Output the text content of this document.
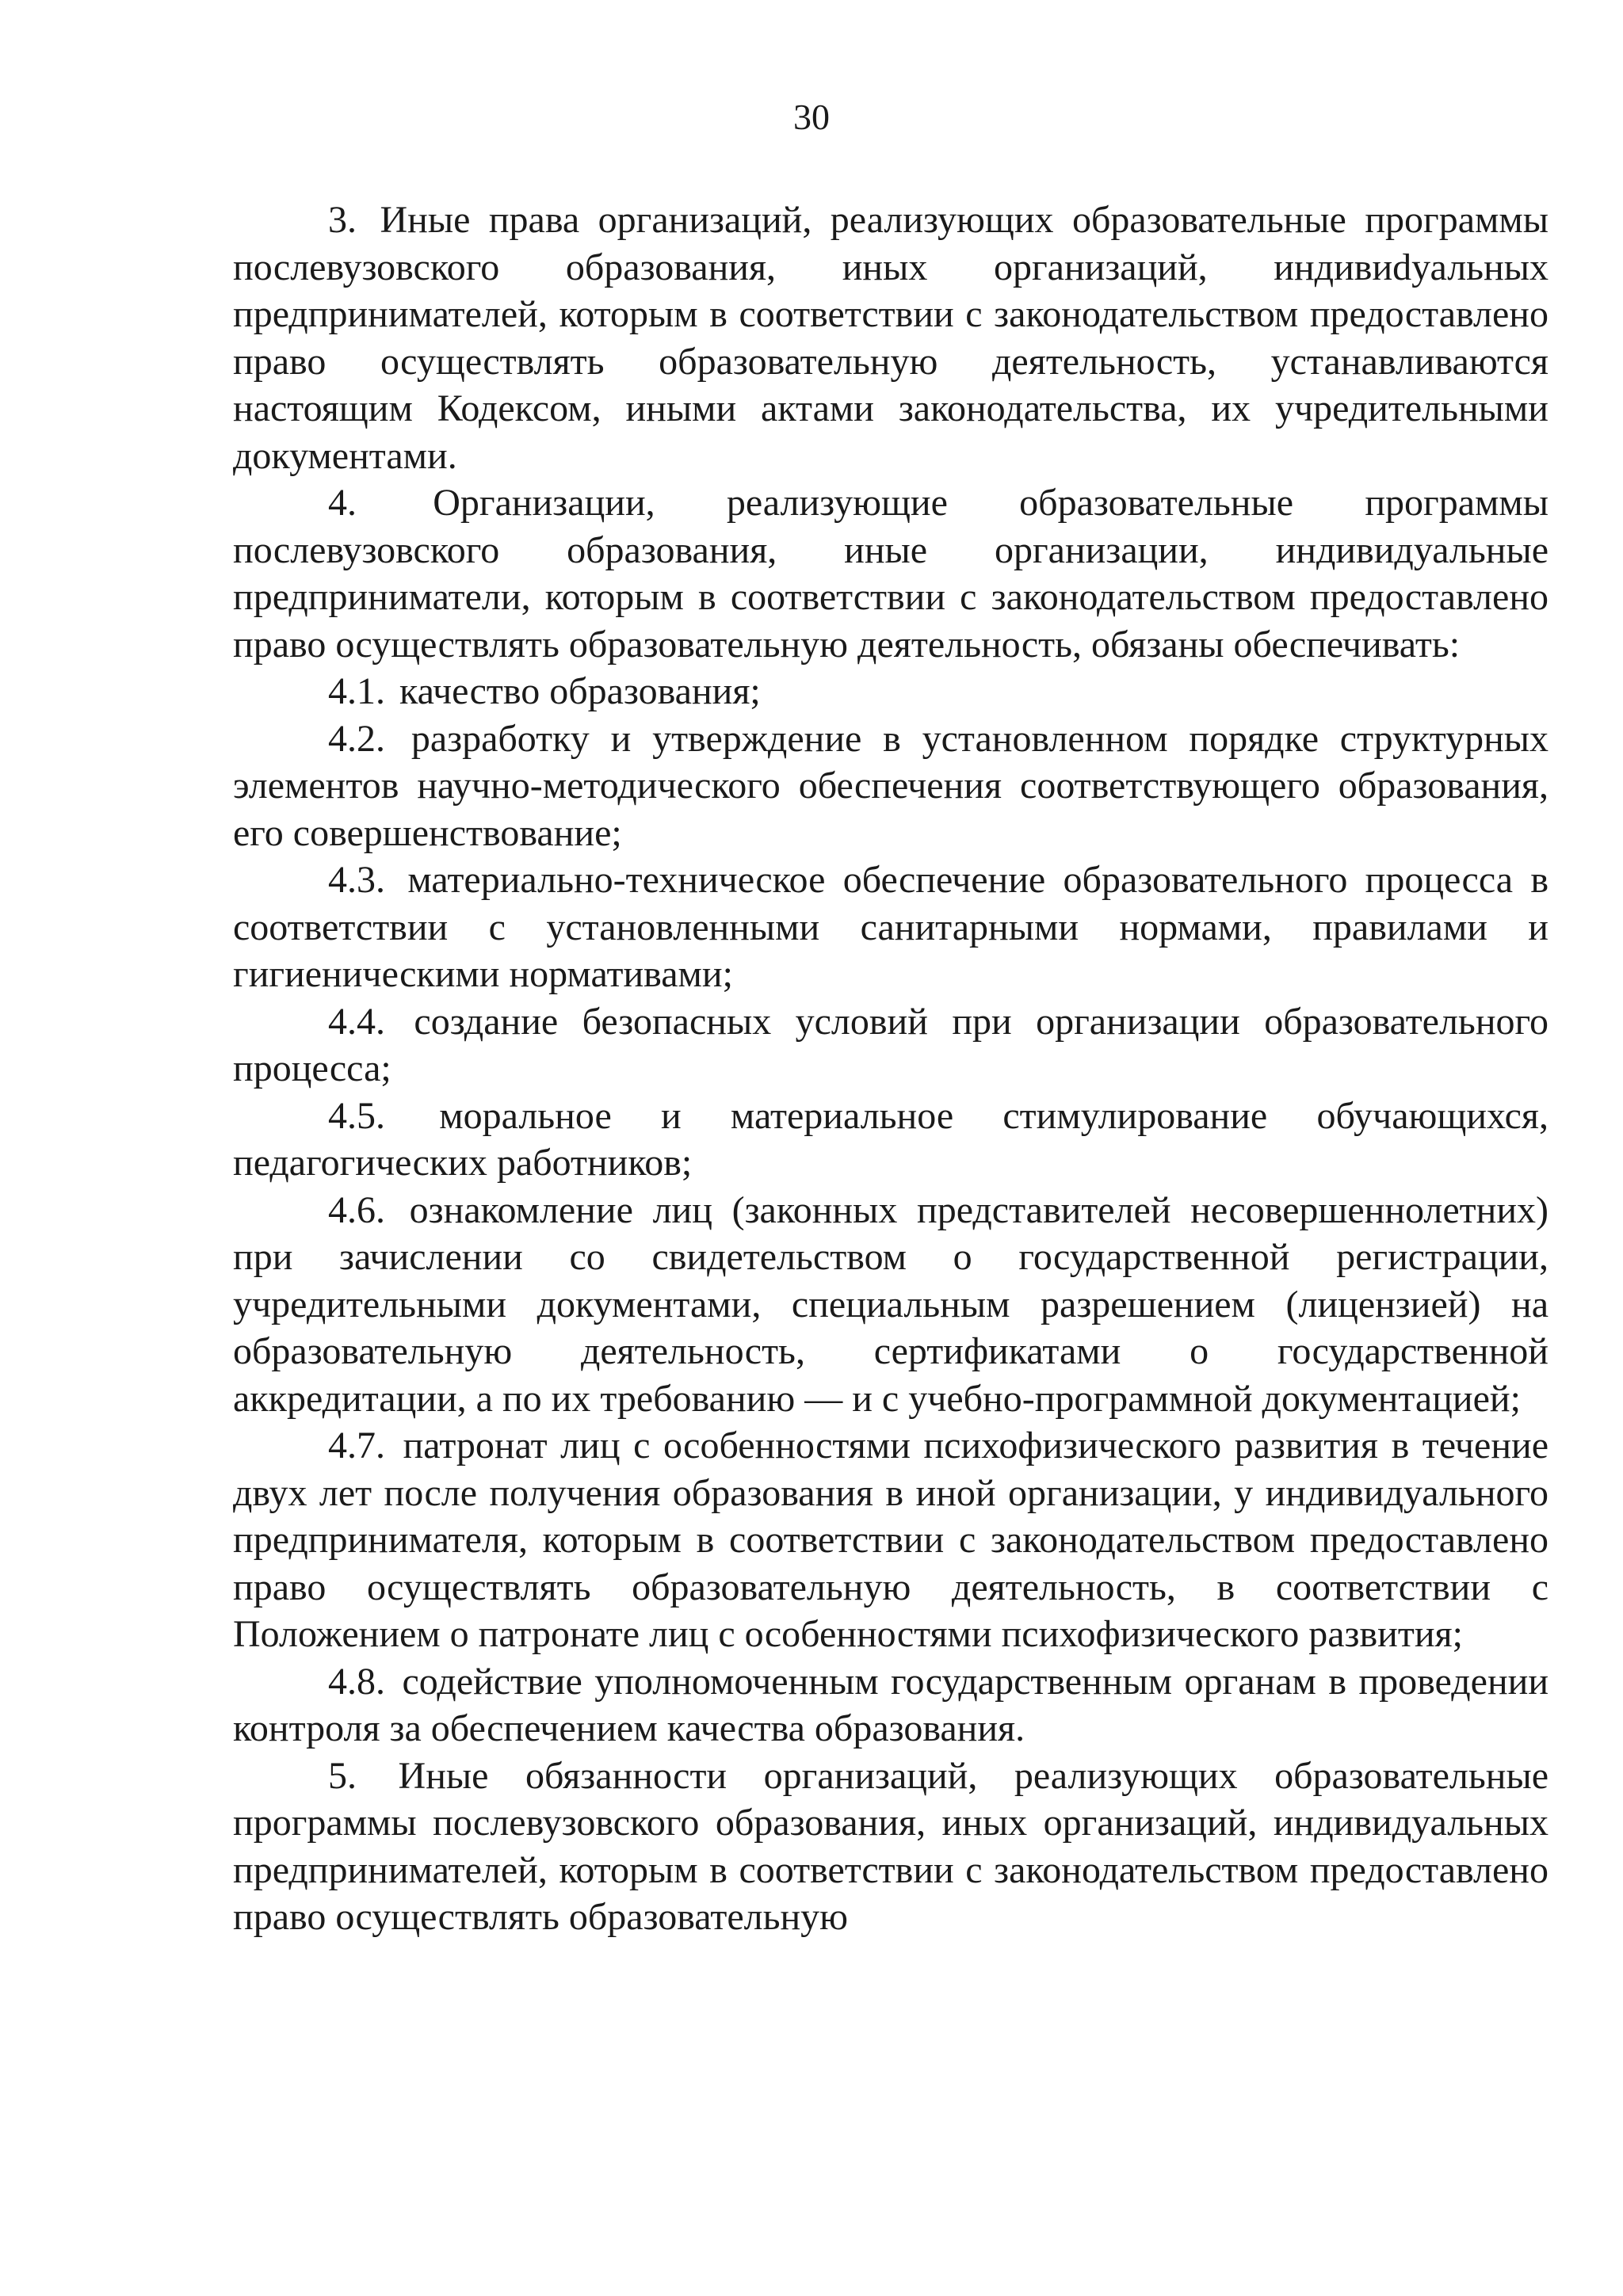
30

3. Иные права организаций, реализующих образовательные программы послевузовского образования, иных организаций, индивиdуальных предпринимателей, которым в соответствии с законодательством предоставлено право осуществлять образовательную деятельность, устанавливаются настоящим Кодексом, иными актами законодательства, их учредительными документами.

4. Организации, реализующие образовательные программы послевузовского образования, иные организации, индивидуальные предприниматели, которым в соответствии с законодательством предоставлено право осуществлять образовательную деятельность, обязаны обеспечивать:

4.1. качество образования;

4.2. разработку и утверждение в установленном порядке структурных элементов научно-методического обеспечения соответствующего образования, его совершенствование;

4.3. материально-техническое обеспечение образовательного процесса в соответствии с установленными санитарными нормами, правилами и гигиеническими нормативами;

4.4. создание безопасных условий при организации образовательного процесса;

4.5. моральное и материальное стимулирование обучающихся, педагогических работников;

4.6. ознакомление лиц (законных представителей несовершеннолетних) при зачислении со свидетельством о государственной регистрации, учредительными документами, специальным разрешением (лицензией) на образовательную деятельность, сертификатами о государственной аккредитации, а по их требованию — и с учебно-программной документацией;

4.7. патронат лиц с особенностями психофизического развития в течение двух лет после получения образования в иной организации, у индивидуального предпринимателя, которым в соответствии с законодательством предоставлено право осуществлять образовательную деятельность, в соответствии с Положением о патронате лиц с особенностями психофизического развития;

4.8. содействие уполномоченным государственным органам в проведении контроля за обеспечением качества образования.

5. Иные обязанности организаций, реализующих образовательные программы послевузовского образования, иных организаций, индивидуальных предпринимателей, которым в соответствии с законодательством предоставлено право осуществлять образовательную
